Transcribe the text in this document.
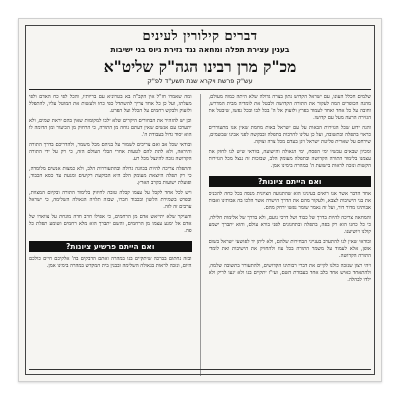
דברים קילורין לעינים
בענין עצירת תפלה ומחאה נגד גזירת גיוס בני ישיבות
מכ"ק מרן רבינו הגה"ק שליט"א
עש"ק פרשת ויקרא שנת תשע"ד לפ"ק

שלמים חכלל העונו, עם ישראל הקדוש נתון בצרה גדולה שלא היתה כמוה מעולם, מהנה הכופרים המה לעקור את התורה הקדושה ולבטל את לומדיה מבית המדרש, וחובה על כל אחד ואחד לעמוד בפרץ ולזעוק אל ה' בכל לבו ובכל נפשו, שיבטל את הגזירה הרעה מעל עם קדושו.

והנה ידוע שכל הגזירות הבאות על עם ישראל באות מחמת שאין אנו מתעוררים כראוי בתפלה ובתשובה, ועל כן עלינו להרבות בתפלה ובבקשה לפני אבינו שבשמים, שירחם על שארית פליטת ישראל ויגן בעדם מכל צרה וצוקה.

ומכיון שבאים עכשיו ימי הפסח, ימי הגאולה והישועה, בוודאי שיש לנו לחזק את עצמנו בלימוד התורה הקדושה ובתפלה מעומק הלב, שבזכות זה ננצל מכל הגזירות הקשות ונזכה לראות בישועת ה' במהרה בימינו אמן.

ואם הייתם ציונות?

אחד הדבר אשר אנו רואים בעינינו הוא שהתנועה הציונית מנסה בכל כחה להכניס את בני הישיבות לצבא, ולעקור מהם את הדרך הישרה אשר הלכו בה אבותינו ואבות אבותינו מדור דור, ועל זה נאמר שומר נפשו ירחק מהם.

והמחאה צריכה להיות בדרך של כבוד ושל דרכי נועם, ולא בדרך של אלימות חלילה, כי כל כחנו הוא רק בפה, בתפלה ובתחנונים לפני בורא עולם, והוא יתברך ישמע קולנו ויושיענו.

ובודאי שאין לנו להתערב בענייני הבחירות שלהם, ולא ליתן יד לפושעי ישראל בשום אופן, אלא לעמוד על משמר התורה בכל עוז ולהחזיק את הישיבות ואת לומדי התורה הקדושה.

ויהי רצון שנזכה כולנו לקיים את דברי רבותינו הקדושים, ולהתעורר בתשובה שלמה, ולהתאחד כאיש אחד בלב אחד בעבודת השם, ועי"ז יתקיים בנו ולא יגעו לריק ולא ילדו לבהלה.

ומה שאמרו חז"ל אין הקב"ה בא בטרוניא עם בריותיו, והכל לפי כח האדם ולפי מעלתו, ועל כן כל אחד צריך להשתדל כפי כחו ולעשות את המוטל עליו, להתפלל ולזעוק ולבקש רחמים על הכלל ועל הפרט.

וכן יש להזהיר את הבחורים היקרים שלא ילכו למקומות שאין בהם יראת שמים, ולא יתערבו עם אנשים שאין דעתם נוחה מן התורה, כי הרחוק מן הכיעור ומן הדומה לו הוא יסוד גדול בעבודת ה'.

ובודאי שכל אב ואם צריכים לשמור על בניהם מכל משמר, ולהדריכם בדרך התורה והיראה, ולא לתת להם לטעות אחרי הבלי העולם הזה, כי רק על ידי התורה הקדושה נזכה להינצל מכל רע.

והתפלה צריכה להיות בכוונה גדולה ובהתעוררות הלב, ולא כמצות אנשים מלומדה, כי רק תפלה היוצאת מעומק הלב היא הבוקעת רקיעים ומגעת עד כסא הכבוד, ופועלת ישועות בקרב הארץ.

ויש לכל אחד לקבל על עצמו קבלה טובה לחיזוק בלימוד התורה ובקיום המצוות, ובפרט בשמירת הלשון ובכבוד חברו, שבזה תלויה הגאולה השלימה, כי ישראל ערבים זה לזה.

והעיקר שלא יתייאש אדם מן הרחמים, כי אפילו חרב חדה מונחת על צווארו של אדם אל ימנע עצמו מן הרחמים, והשם יתברך הוא מלא רחמים ושומע תפלת כל פה.

ואם הייתם פרשיע ציונות?

ובזה נחתום בברכה שיתקיים בנו במהרה ואתם הדבקים בה' אלקיכם חיים כולכם היום, ונזכה לראות בגאולה השלימה ובבנין בית המקדש במהרה בימינו אמן.
